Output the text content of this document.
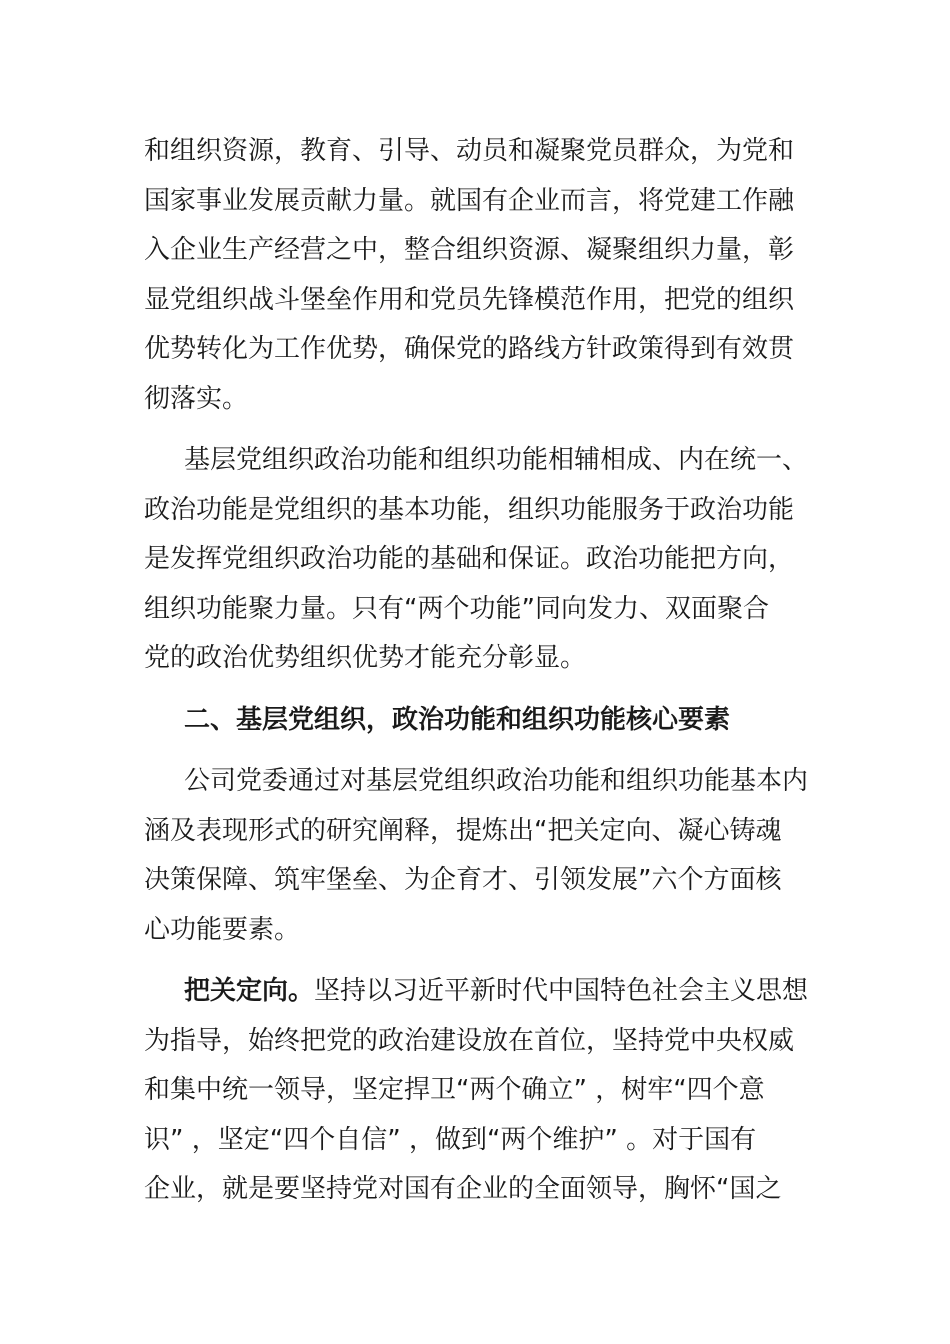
和组织资源，教育、引导、动员和凝聚党员群众，为党和
国家事业发展贡献力量。就国有企业而言，将党建工作融
入企业生产经营之中，整合组织资源、凝聚组织力量，彰
显党组织战斗堡垒作用和党员先锋模范作用，把党的组织
优势转化为工作优势，确保党的路线方针政策得到有效贯
彻落实。
基层党组织政治功能和组织功能相辅相成、内在统一、
政治功能是党组织的基本功能，组织功能服务于政治功能
是发挥党组织政治功能的基础和保证。政治功能把方向，
组织功能聚力量。只有“两个功能”同向发力、双面聚合
党的政治优势组织优势才能充分彰显。
二、基层党组织，政治功能和组织功能核心要素
公司党委通过对基层党组织政治功能和组织功能基本内
涵及表现形式的研究阐释，提炼出“把关定向、凝心铸魂
决策保障、筑牢堡垒、为企育才、引领发展”六个方面核
心功能要素。
把关定向。坚持以习近平新时代中国特色社会主义思想
为指导，始终把党的政治建设放在首位，坚持党中央权威
和集中统一领导，坚定捍卫“两个确立” ，树牢“四个意
识” ，坚定“四个自信” ，做到“两个维护” 。对于国有
企业，就是要坚持党对国有企业的全面领导，胸怀“国之
